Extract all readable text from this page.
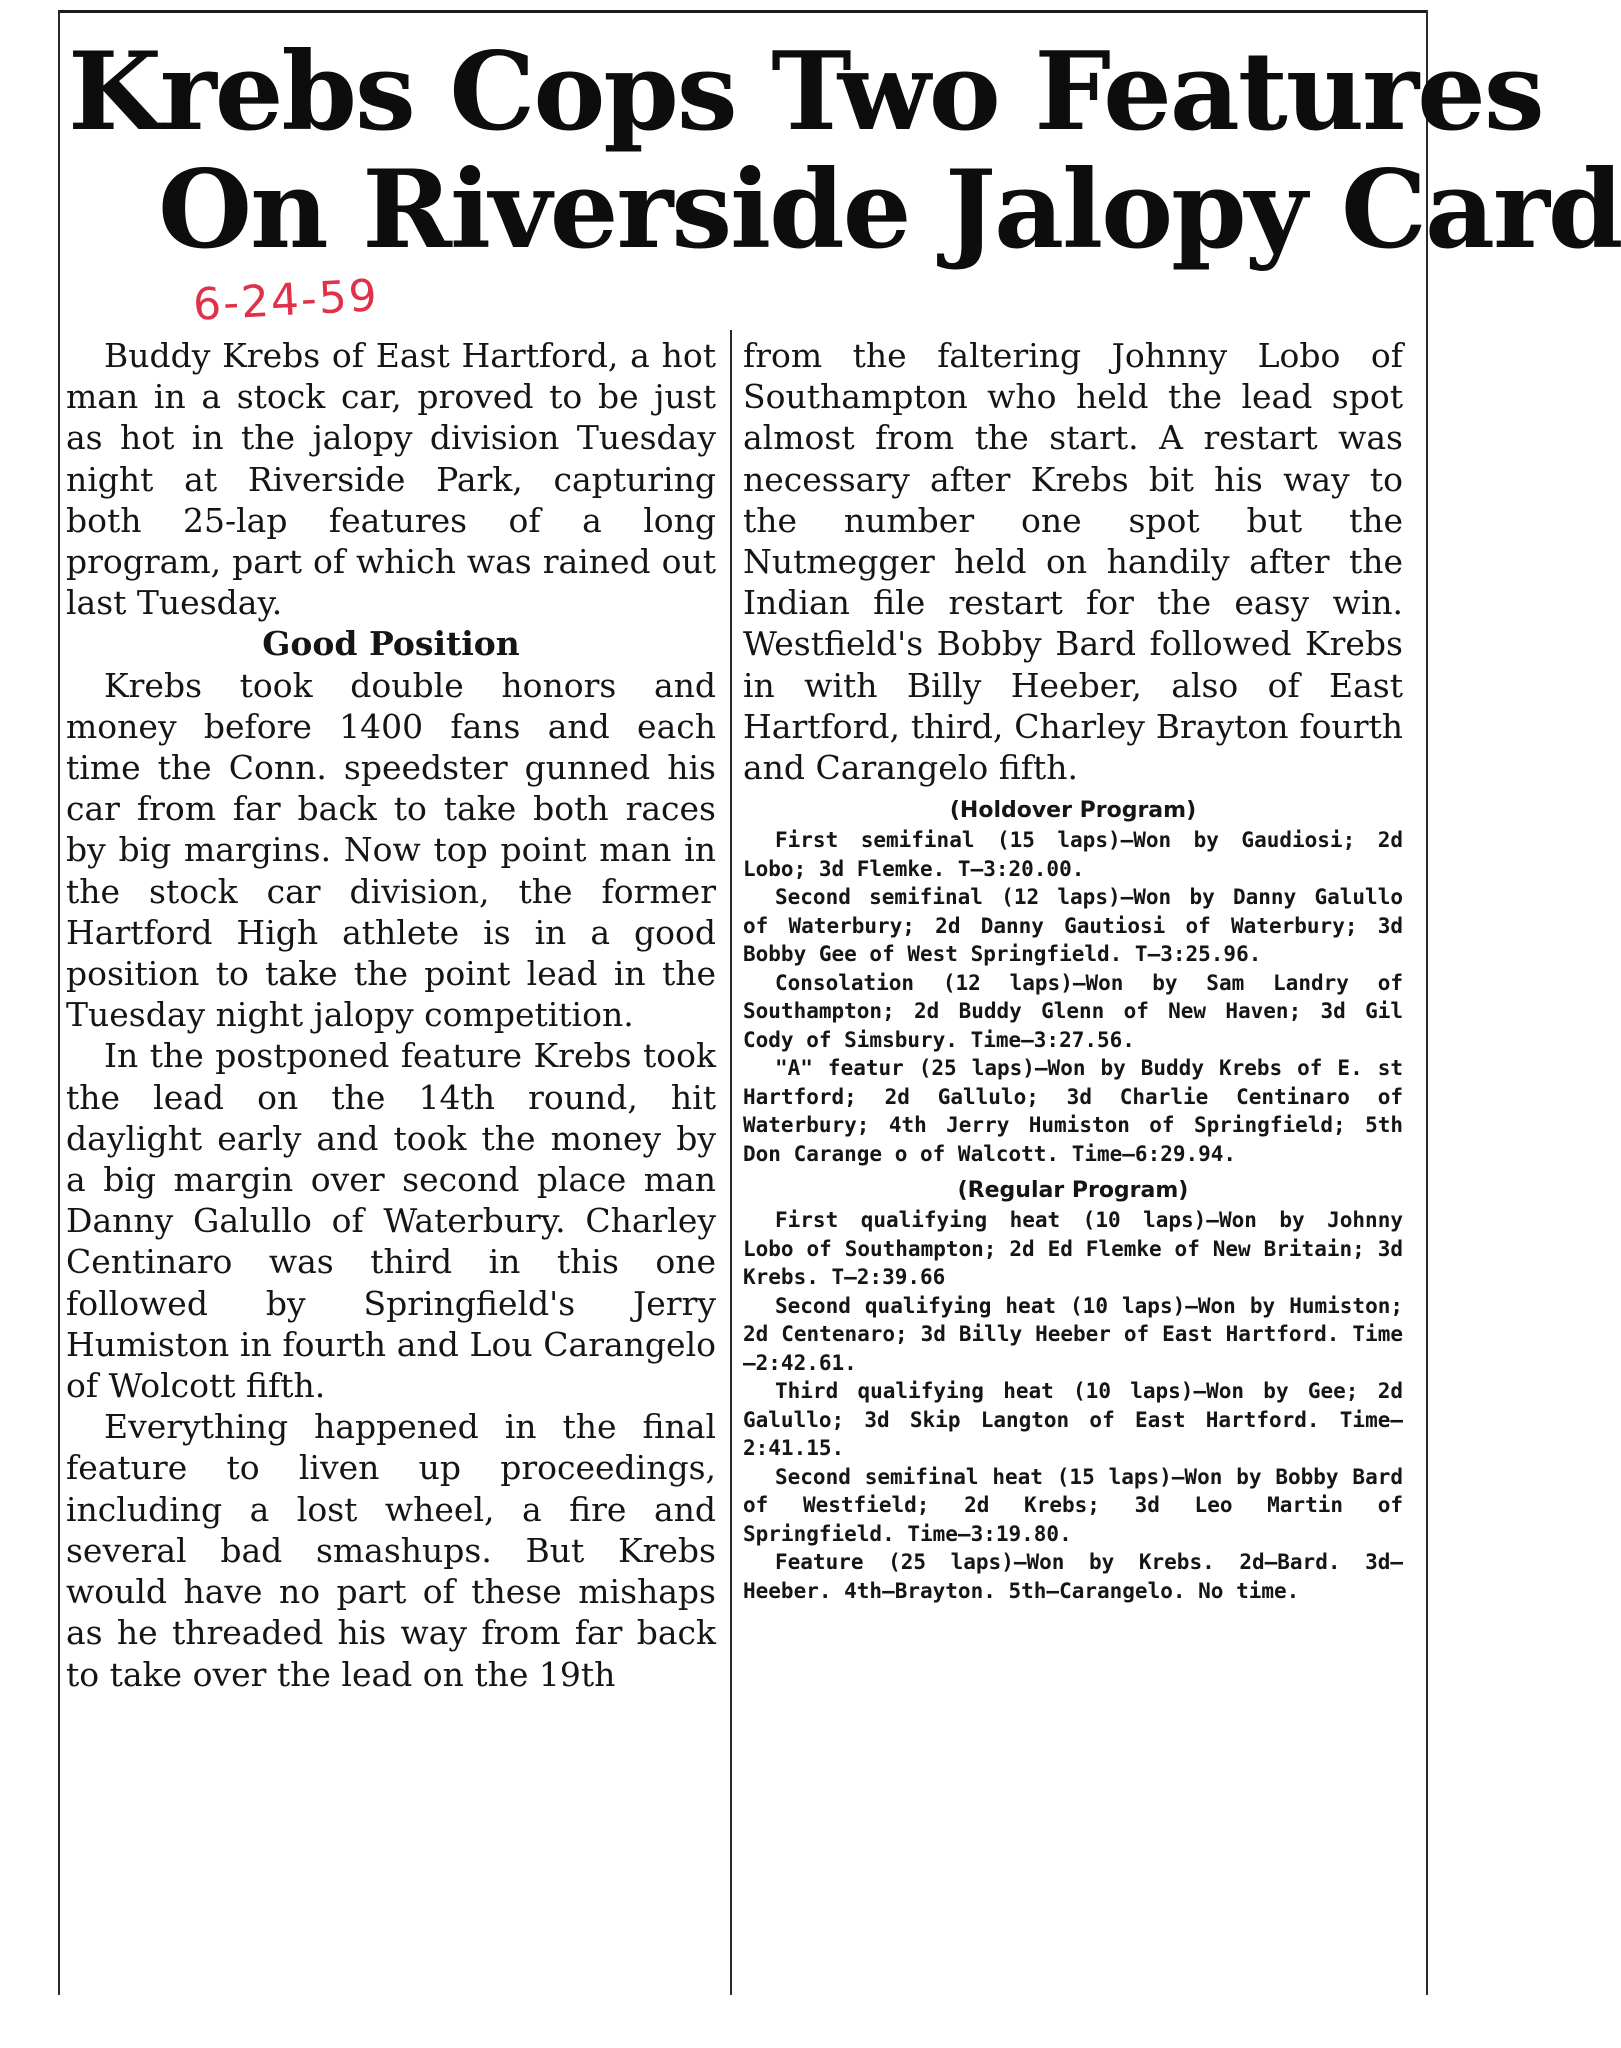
Krebs Cops Two Features
On Riverside Jalopy Card
6-24-59

Buddy Krebs of East Hartford, a hot man in a stock car, proved to be just as hot in the jalopy division Tuesday night at Riverside Park, capturing both 25-lap features of a long program, part of which was rained out last Tuesday.

Good Position

Krebs took double honors and money before 1400 fans and each time the Conn. speedster gunned his car from far back to take both races by big margins. Now top point man in the stock car division, the former Hartford High athlete is in a good position to take the point lead in the Tuesday night jalopy competition.

In the postponed feature Krebs took the lead on the 14th round, hit daylight early and took the money by a big margin over second place man Danny Galullo of Waterbury. Charley Centinaro was third in this one followed by Springfield's Jerry Humiston in fourth and Lou Carangelo of Wolcott fifth.

Everything happened in the final feature to liven up proceedings, including a lost wheel, a fire and several bad smashups. But Krebs would have no part of these mishaps as he threaded his way from far back to take over the lead on the 19th

from the faltering Johnny Lobo of Southampton who held the lead spot almost from the start. A restart was necessary after Krebs bit his way to the number one spot but the Nutmegger held on handily after the Indian file restart for the easy win. Westfield's Bobby Bard followed Krebs in with Billy Heeber, also of East Hartford, third, Charley Brayton fourth and Carangelo fifth.

(Holdover Program)

First semifinal (15 laps)—Won by Gaudiosi; 2d Lobo; 3d Flemke. T—3:20.00.

Second semifinal (12 laps)—Won by Danny Galullo of Waterbury; 2d Danny Gautiosi of Waterbury; 3d Bobby Gee of West Springfield. T—3:25.96.

Consolation (12 laps)—Won by Sam Landry of Southampton; 2d Buddy Glenn of New Haven; 3d Gil Cody of Simsbury. Time—3:27.56.

"A" featur (25 laps)—Won by Buddy Krebs of E. st Hartford; 2d Gallulo; 3d Charlie Centinaro of Waterbury; 4th Jerry Humiston of Springfield; 5th Don Carange o of Walcott. Time—6:29.94.

(Regular Program)

First qualifying heat (10 laps)—Won by Johnny Lobo of Southampton; 2d Ed Flemke of New Britain; 3d Krebs. T—2:39.66

Second qualifying heat (10 laps)—Won by Humiston; 2d Centenaro; 3d Billy Heeber of East Hartford. Time—2:42.61.

Third qualifying heat (10 laps)—Won by Gee; 2d Galullo; 3d Skip Langton of East Hartford. Time—2:41.15.

Second semifinal heat (15 laps)—Won by Bobby Bard of Westfield; 2d Krebs; 3d Leo Martin of Springfield. Time—3:19.80.

Feature (25 laps)—Won by Krebs. 2d—Bard. 3d—Heeber. 4th—Brayton. 5th—Carangelo. No time.
